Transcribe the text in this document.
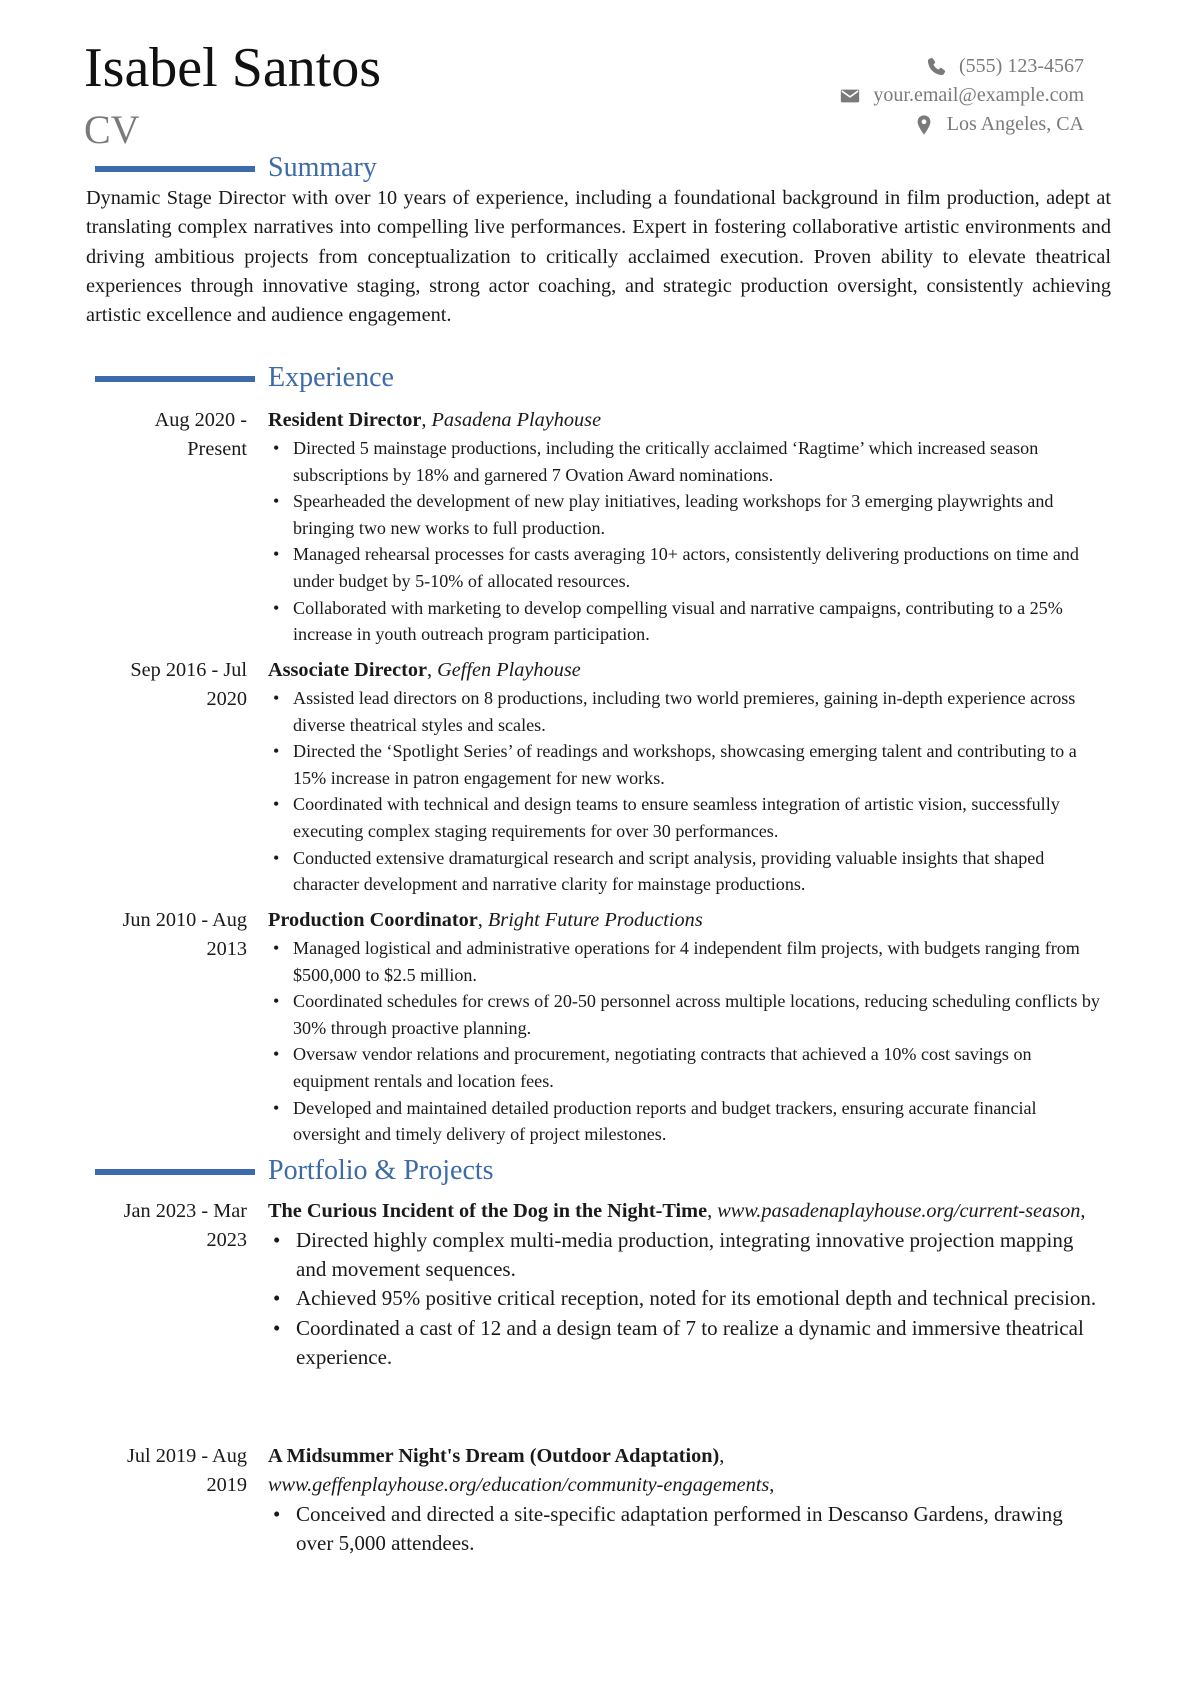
Isabel Santos
CV
(555) 123-4567
your.email@example.com
Los Angeles, CA
Summary
Dynamic Stage Director with over 10 years of experience, including a foundational background in film production, adept at translating complex narratives into compelling live performances. Expert in fostering collaborative artistic environments and driving ambitious projects from conceptualization to critically acclaimed execution. Proven ability to elevate theatrical experiences through innovative staging, strong actor coaching, and strategic production oversight, consistently achieving artistic excellence and audience engagement.
Experience
Aug 2020 -
Present
Resident Director, Pasadena Playhouse
• Directed 5 mainstage productions, including the critically acclaimed ‘Ragtime’ which increased season subscriptions by 18% and garnered 7 Ovation Award nominations.
• Spearheaded the development of new play initiatives, leading workshops for 3 emerging playwrights and bringing two new works to full production.
• Managed rehearsal processes for casts averaging 10+ actors, consistently delivering productions on time and under budget by 5-10% of allocated resources.
• Collaborated with marketing to develop compelling visual and narrative campaigns, contributing to a 25% increase in youth outreach program participation.
Sep 2016 - Jul
2020
Associate Director, Geffen Playhouse
• Assisted lead directors on 8 productions, including two world premieres, gaining in-depth experience across diverse theatrical styles and scales.
• Directed the ‘Spotlight Series’ of readings and workshops, showcasing emerging talent and contributing to a 15% increase in patron engagement for new works.
• Coordinated with technical and design teams to ensure seamless integration of artistic vision, successfully executing complex staging requirements for over 30 performances.
• Conducted extensive dramaturgical research and script analysis, providing valuable insights that shaped character development and narrative clarity for mainstage productions.
Jun 2010 - Aug
2013
Production Coordinator, Bright Future Productions
• Managed logistical and administrative operations for 4 independent film projects, with budgets ranging from $500,000 to $2.5 million.
• Coordinated schedules for crews of 20-50 personnel across multiple locations, reducing scheduling conflicts by 30% through proactive planning.
• Oversaw vendor relations and procurement, negotiating contracts that achieved a 10% cost savings on equipment rentals and location fees.
• Developed and maintained detailed production reports and budget trackers, ensuring accurate financial oversight and timely delivery of project milestones.
Portfolio & Projects
Jan 2023 - Mar
2023
The Curious Incident of the Dog in the Night-Time, www.pasadenaplayhouse.org/current-season,
• Directed highly complex multi-media production, integrating innovative projection mapping and movement sequences.
• Achieved 95% positive critical reception, noted for its emotional depth and technical precision.
• Coordinated a cast of 12 and a design team of 7 to realize a dynamic and immersive theatrical experience.
Jul 2019 - Aug
2019
A Midsummer Night's Dream (Outdoor Adaptation), www.geffenplayhouse.org/education/community-engagements,
• Conceived and directed a site-specific adaptation performed in Descanso Gardens, drawing over 5,000 attendees.
